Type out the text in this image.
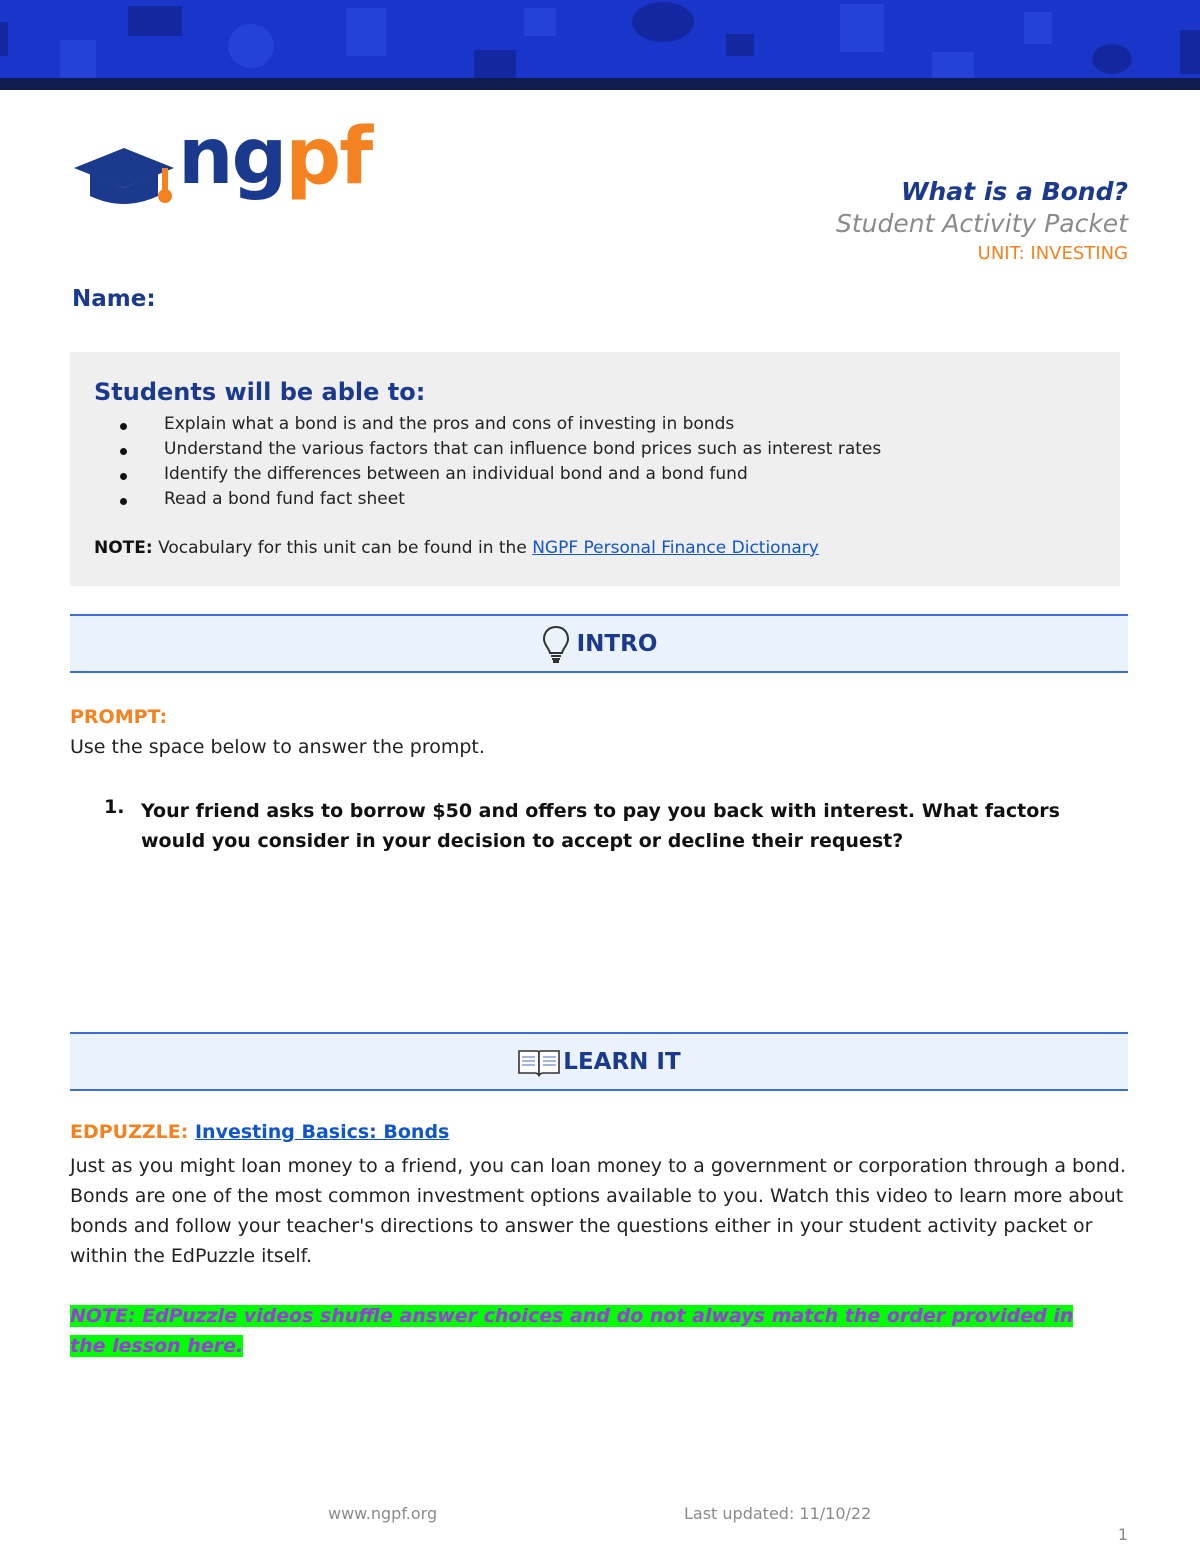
ngpf	What is a Bond?
Student Activity Packet
UNIT: INVESTING
Name:
Students will be able to:
Explain what a bond is and the pros and cons of investing in bonds
Understand the various factors that can influence bond prices such as interest rates
Identify the differences between an individual bond and a bond fund
Read a bond fund fact sheet
NOTE: Vocabulary for this unit can be found in the NGPF Personal Finance Dictionary
INTRO
PROMPT:
Use the space below to answer the prompt.
1. Your friend asks to borrow $50 and offers to pay you back with interest. What factors would you consider in your decision to accept or decline their request?
LEARN IT
EDPUZZLE: Investing Basics: Bonds
Just as you might loan money to a friend, you can loan money to a government or corporation through a bond. Bonds are one of the most common investment options available to you. Watch this video to learn more about bonds and follow your teacher's directions to answer the questions either in your student activity packet or within the EdPuzzle itself.
NOTE: EdPuzzle videos shuffle answer choices and do not always match the order provided in the lesson here.
www.ngpf.org	Last updated: 11/10/22
1
